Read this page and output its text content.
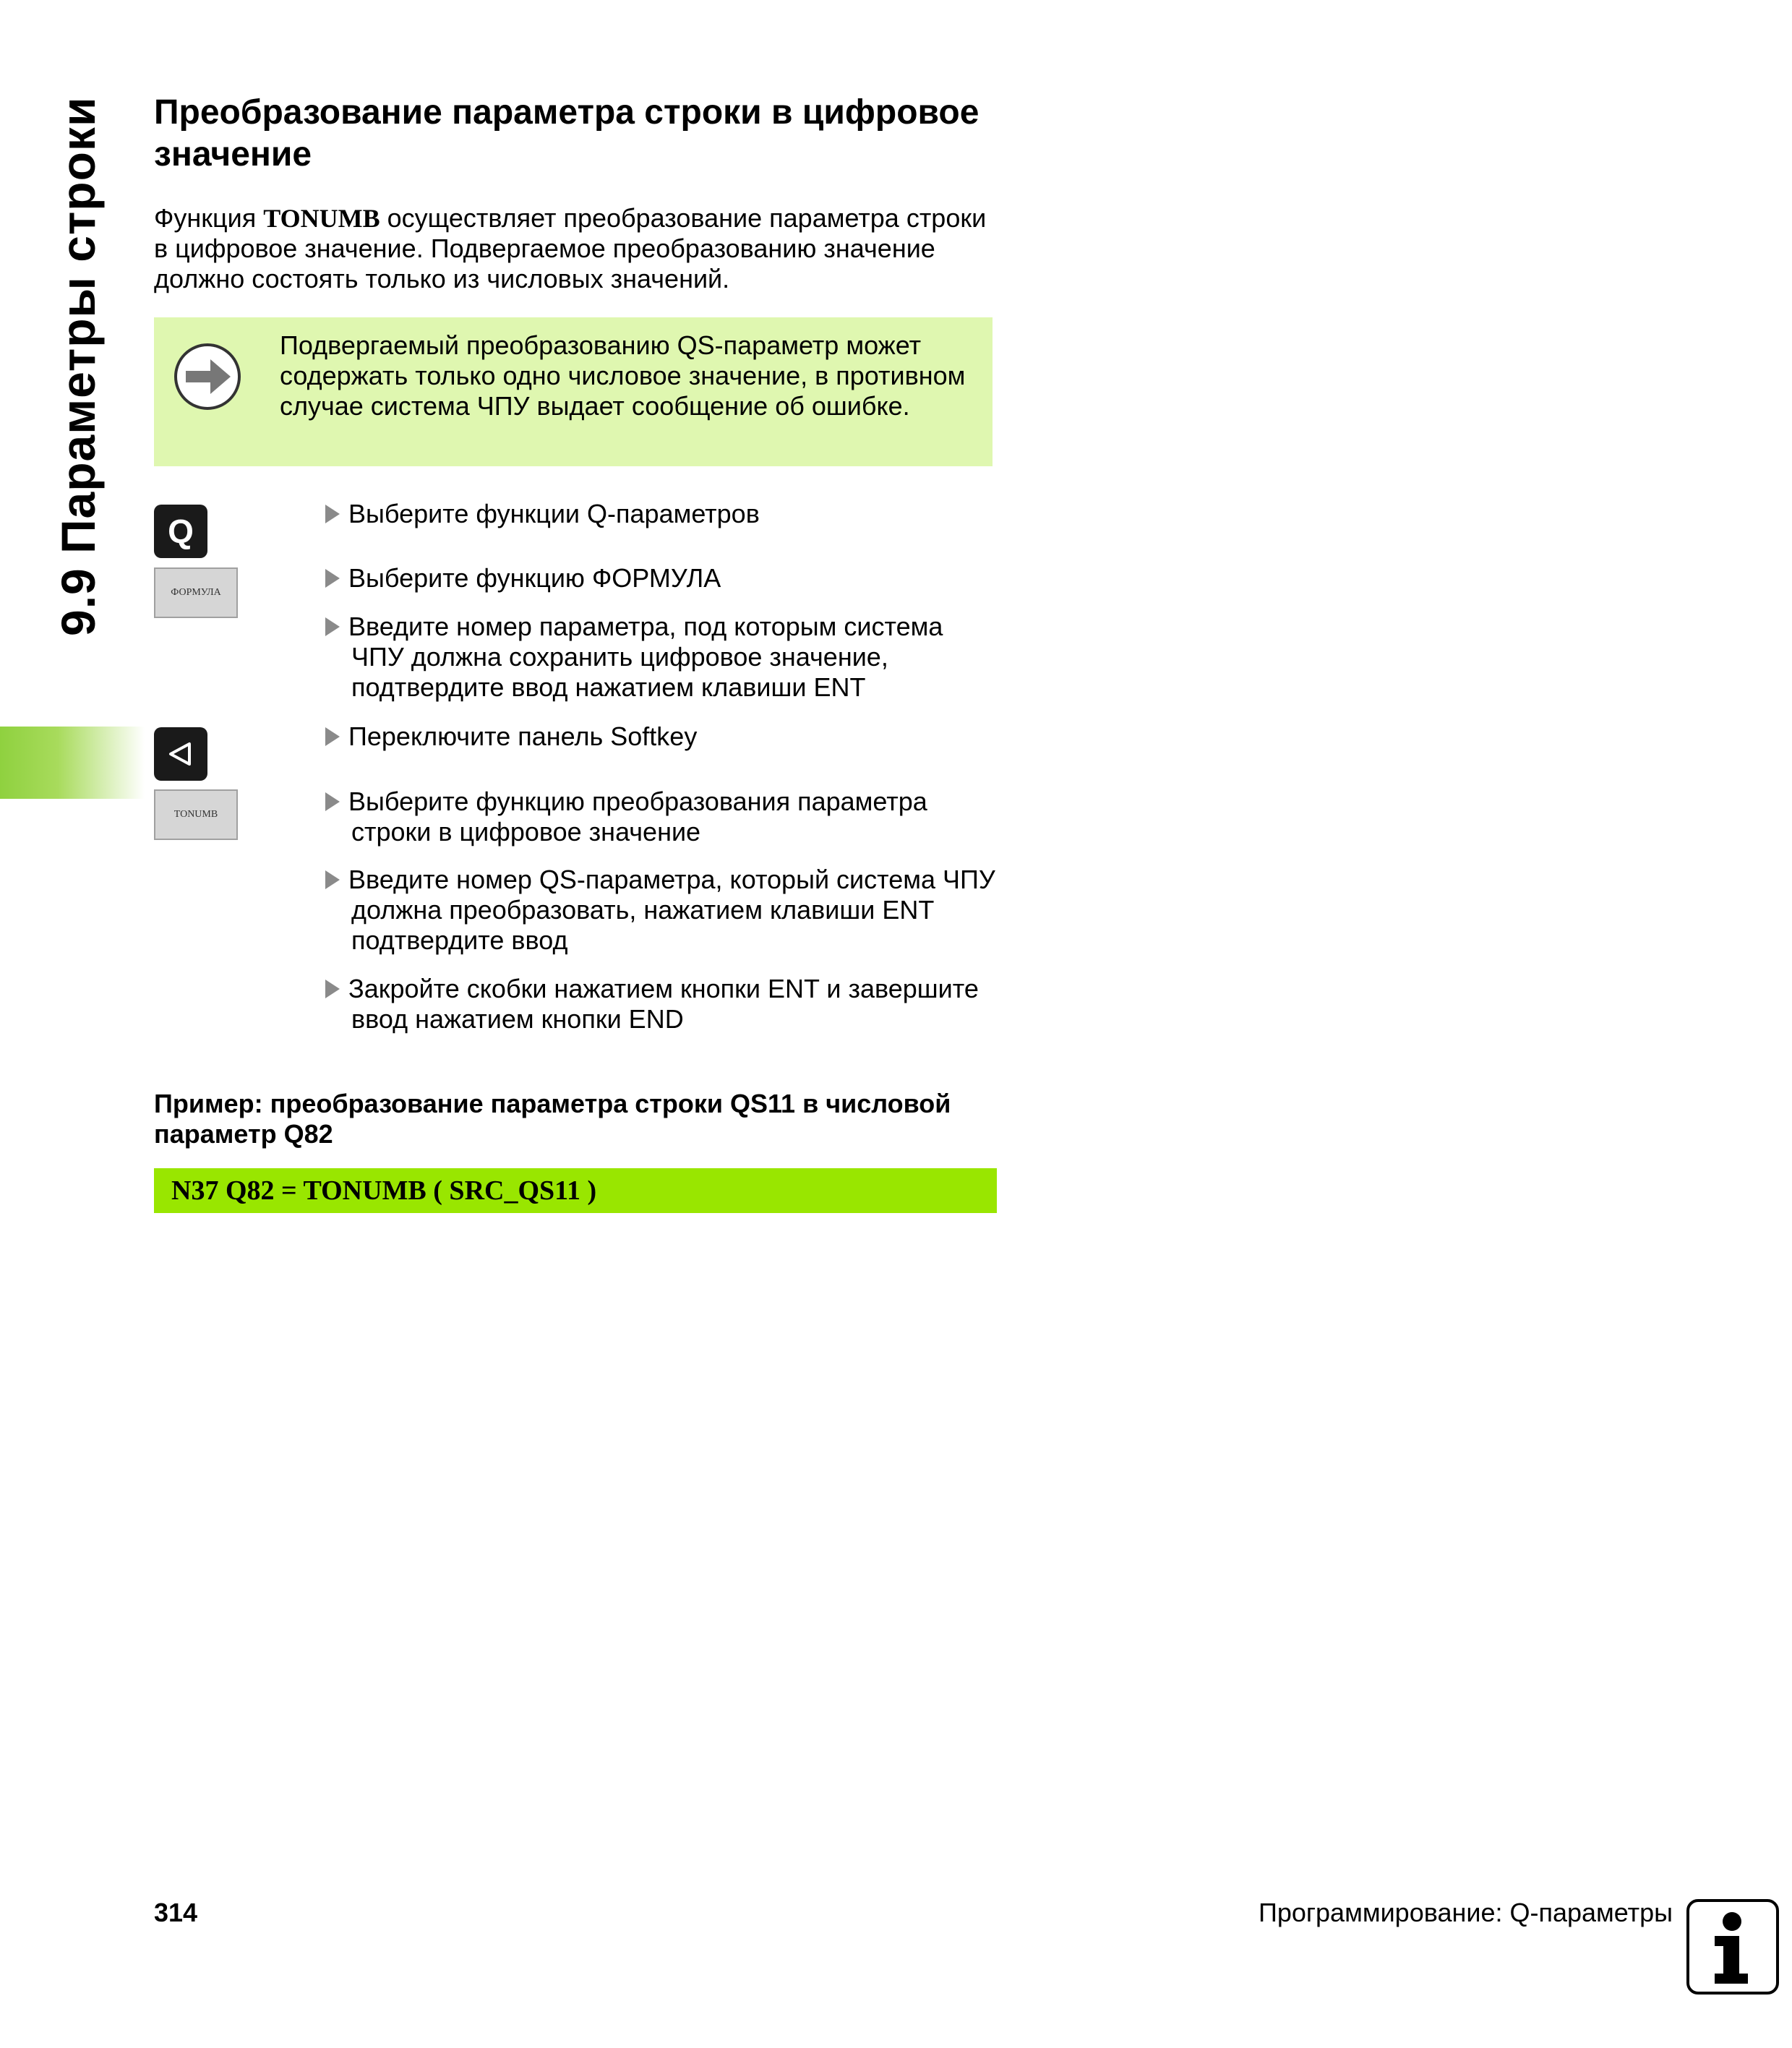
9.9 Параметры строки Преобразование параметра строки в цифровое значение

Функция TONUMB осуществляет преобразование параметра строки в цифровое значение. Подвергаемое преобразованию значение должно состоять только из числовых значений.

Подвергаемый преобразованию QS-параметр может содержать только одно числовое значение, в противном случае система ЧПУ выдает сообщение об ошибке.

Q
ФОРМУЛА
TONUMB

Выберите функции Q-параметров

Выберите функцию ФОРМУЛА

Введите номер параметра, под которым система ЧПУ должна сохранить цифровое значение, подтвердите ввод нажатием клавиши ENT

Переключите панель Softkey

Выберите функцию преобразования параметра строки в цифровое значение

Введите номер QS-параметра, который система ЧПУ должна преобразовать, нажатием клавиши ENT подтвердите ввод

Закройте скобки нажатием кнопки ENT и завершите ввод нажатием кнопки END

Пример: преобразование параметра строки QS11 в числовой параметр Q82

N37 Q82 = TONUMB ( SRC_QS11 )

314	Программирование: Q-параметры
